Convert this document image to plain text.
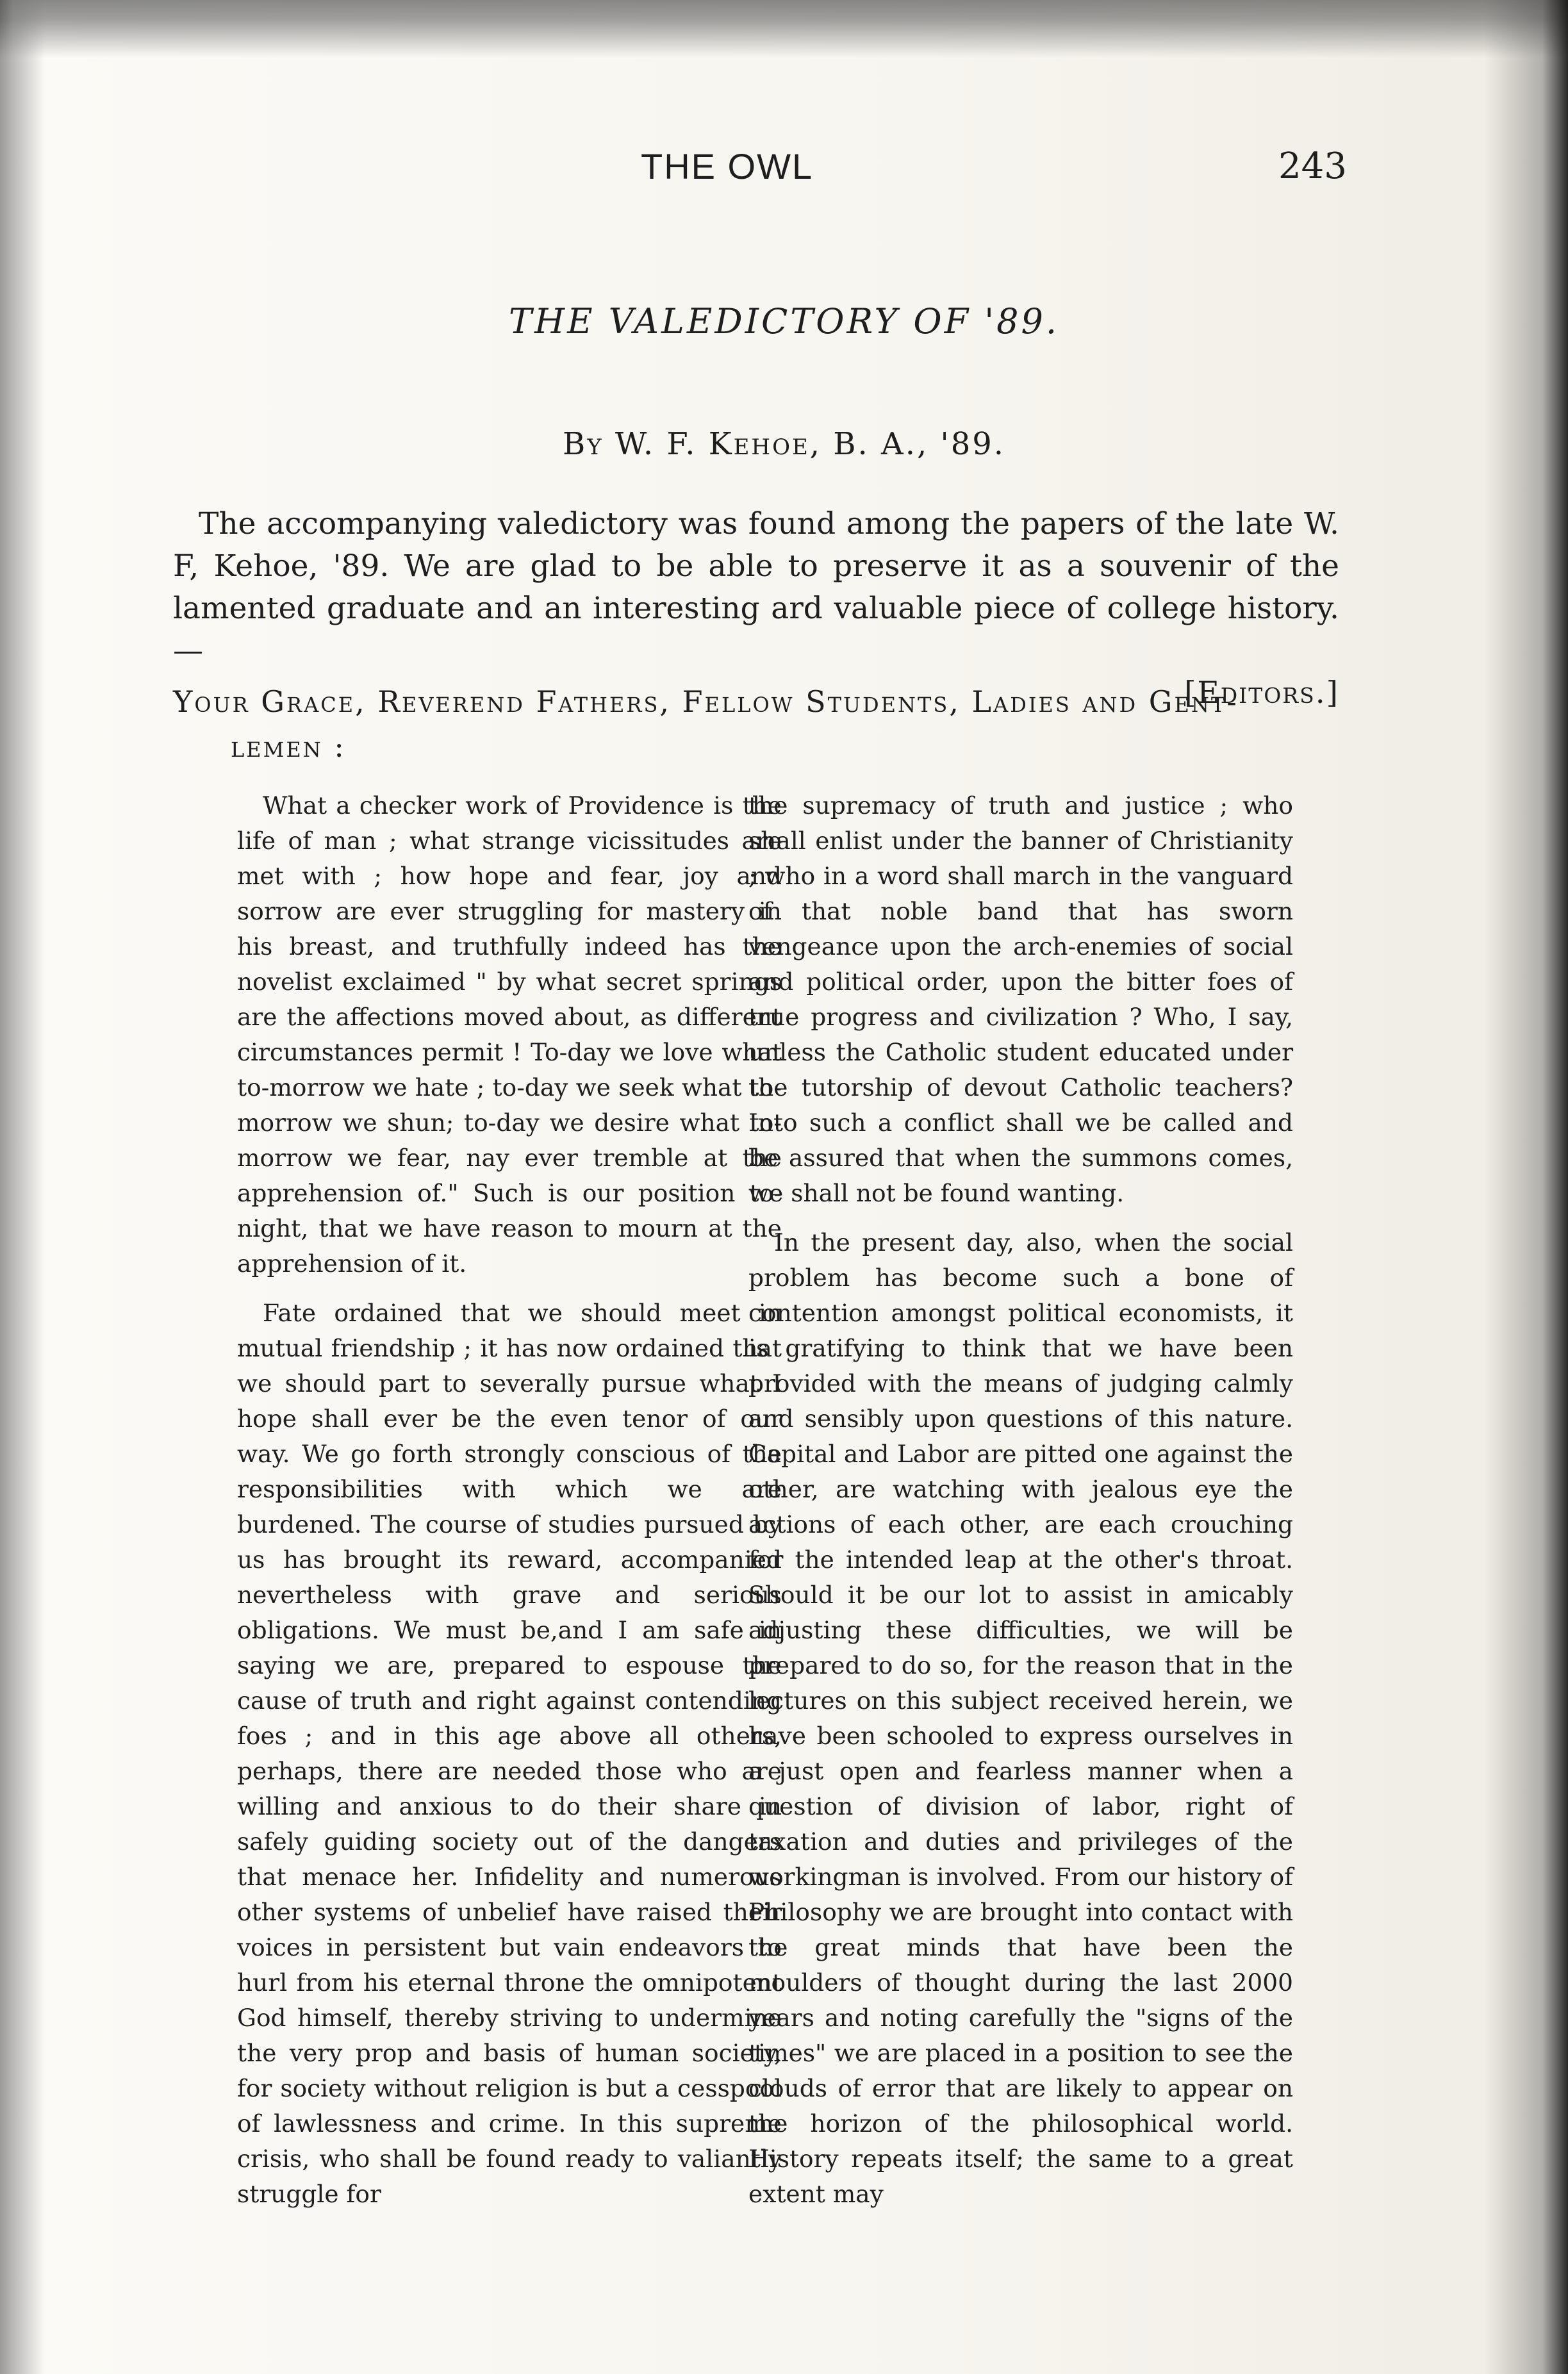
THE OWL	243
THE VALEDICTORY OF '89.
By W. F. Kehoe, B. A., '89.
The accompanying valedictory was found among the papers of the late W. F, Kehoe, '89. We are glad to be able to preserve it as a souvenir of the lamented graduate and an interesting ard valuable piece of college history.—
[Editors.]
Your Grace, Reverend Fathers, Fellow Students, Ladies and Gent-
lemen :

What a checker work of Providence is the life of man ; what strange vicissitudes are met with ; how hope and fear, joy and sorrow are ever struggling for mastery in his breast, and truthfully indeed has the novelist exclaimed " by what secret springs are the affections moved about, as different circumstances permit ! To-day we love what to-morrow we hate ; to-day we seek what to-morrow we shun; to-day we desire what to-morrow we fear, nay ever tremble at the apprehension of." Such is our position to-night, that we have reason to mourn at the apprehension of it.

Fate ordained that we should meet in mutual friendship ; it has now ordained that we should part to severally pursue what I hope shall ever be the even tenor of our way. We go forth strongly conscious of the responsibilities with which we are burdened. The course of studies pursued by us has brought its reward, accompanied nevertheless with grave and serious obligations. We must be,and I am safe in saying we are, prepared to espouse the cause of truth and right against contending foes ; and in this age above all others, perhaps, there are needed those who are willing and anxious to do their share in safely guiding society out of the dangers that menace her. Infidelity and numerous other systems of unbelief have raised their voices in persistent but vain endeavors to hurl from his eternal throne the omnipotent God himself, thereby striving to undermine the very prop and basis of human society, for society without religion is but a cesspool of lawlessness and crime. In this supreme crisis, who shall be found ready to valiantly struggle for

the supremacy of truth and justice ; who shall enlist under the banner of Christianity ; who in a word shall march in the vanguard of that noble band that has sworn vengeance upon the arch-enemies of social and political order, upon the bitter foes of true progress and civilization ? Who, I say, unless the Catholic student educated under the tutorship of devout Catholic teachers? Into such a conflict shall we be called and be assured that when the summons comes, we shall not be found wanting.

In the present day, also, when the social problem has become such a bone of contention amongst political economists, it is gratifying to think that we have been provided with the means of judging calmly and sensibly upon questions of this nature. Capital and Labor are pitted one against the other, are watching with jealous eye the actions of each other, are each crouching for the intended leap at the other's throat. Should it be our lot to assist in amicably adjusting these difficulties, we will be prepared to do so, for the reason that in the lectures on this subject received herein, we have been schooled to express ourselves in a just open and fearless manner when a question of division of labor, right of taxation and duties and privileges of the workingman is involved. From our history of Philosophy we are brought into contact with the great minds that have been the moulders of thought during the last 2000 years and noting carefully the "signs of the times" we are placed in a position to see the clouds of error that are likely to appear on the horizon of the philosophical world. History repeats itself; the same to a great extent may
